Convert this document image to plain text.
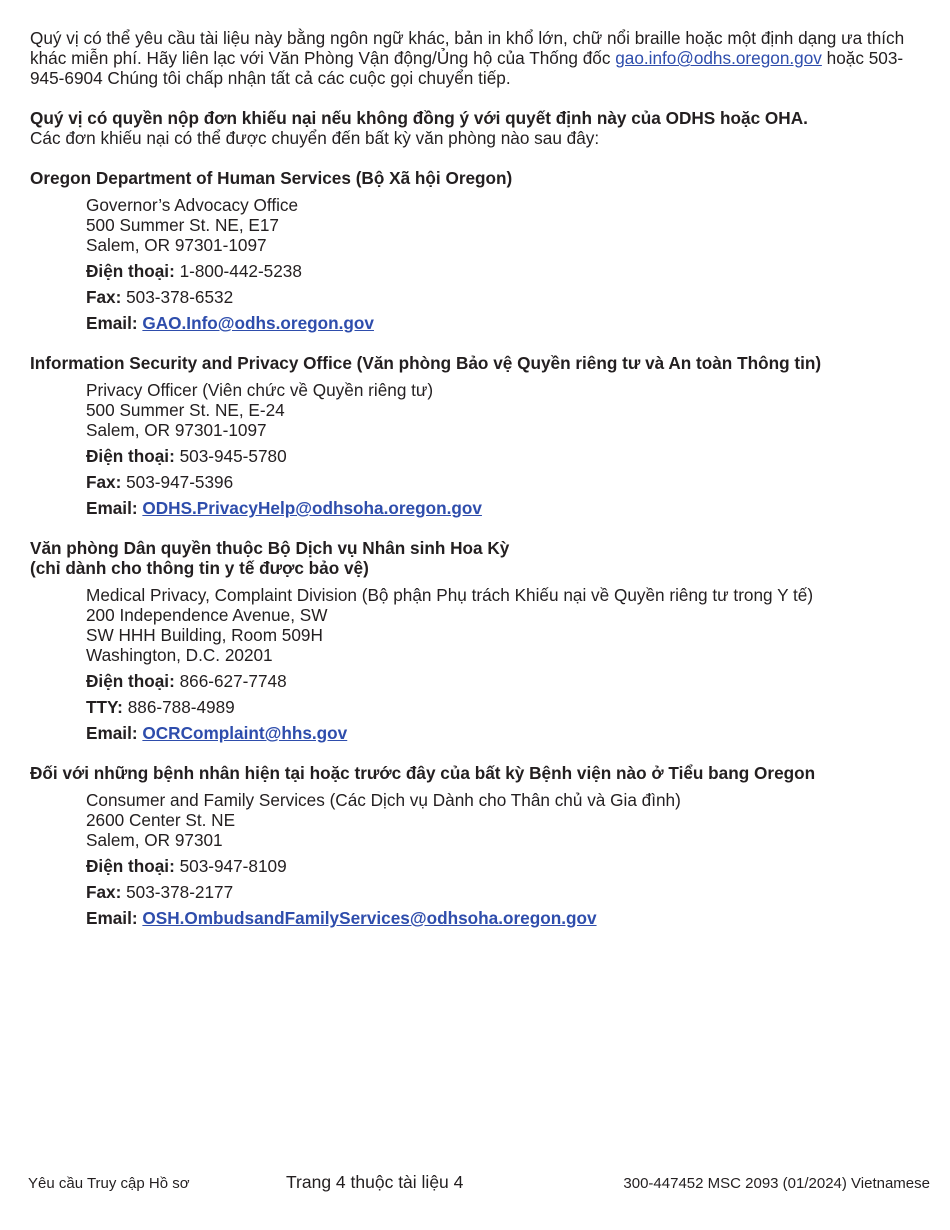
Quý vị có thể yêu cầu tài liệu này bằng ngôn ngữ khác, bản in khổ lớn, chữ nổi braille hoặc một định dạng ưa thích khác miễn phí. Hãy liên lạc với Văn Phòng Vận động/Ủng hộ của Thống đốc gao.info@odhs.oregon.gov hoặc 503-945-6904 Chúng tôi chấp nhận tất cả các cuộc gọi chuyển tiếp.

Quý vị có quyền nộp đơn khiếu nại nếu không đồng ý với quyết định này của ODHS hoặc OHA.
Các đơn khiếu nại có thể được chuyển đến bất kỳ văn phòng nào sau đây:

Oregon Department of Human Services (Bộ Xã hội Oregon)

Governor’s Advocacy Office
500 Summer St. NE, E17
Salem, OR 97301-1097
Điện thoại: 1-800-442-5238
Fax: 503-378-6532
Email: GAO.Info@odhs.oregon.gov

Information Security and Privacy Office (Văn phòng Bảo vệ Quyền riêng tư và An toàn Thông tin)

Privacy Officer (Viên chức về Quyền riêng tư)
500 Summer St. NE, E-24
Salem, OR 97301-1097
Điện thoại: 503-945-5780
Fax: 503-947-5396
Email: ODHS.PrivacyHelp@odhsoha.oregon.gov

Văn phòng Dân quyền thuộc Bộ Dịch vụ Nhân sinh Hoa Kỳ

(chỉ dành cho thông tin y tế được bảo vệ)

Medical Privacy, Complaint Division (Bộ phận Phụ trách Khiếu nại về Quyền riêng tư trong Y tế)
200 Independence Avenue, SW
SW HHH Building, Room 509H
Washington, D.C. 20201
Điện thoại: 866-627-7748
TTY: 886-788-4989
Email: OCRComplaint@hhs.gov

Đối với những bệnh nhân hiện tại hoặc trước đây của bất kỳ Bệnh viện nào ở Tiểu bang Oregon

Consumer and Family Services (Các Dịch vụ Dành cho Thân chủ và Gia đình)
2600 Center St. NE
Salem, OR 97301
Điện thoại: 503-947-8109
Fax: 503-378-2177
Email: OSH.OmbudsandFamilyServices@odhsoha.oregon.gov
Yêu cầu Truy cập Hồ sơ	Trang 4 thuộc tài liệu 4	300-447452 MSC 2093 (01/2024) Vietnamese
